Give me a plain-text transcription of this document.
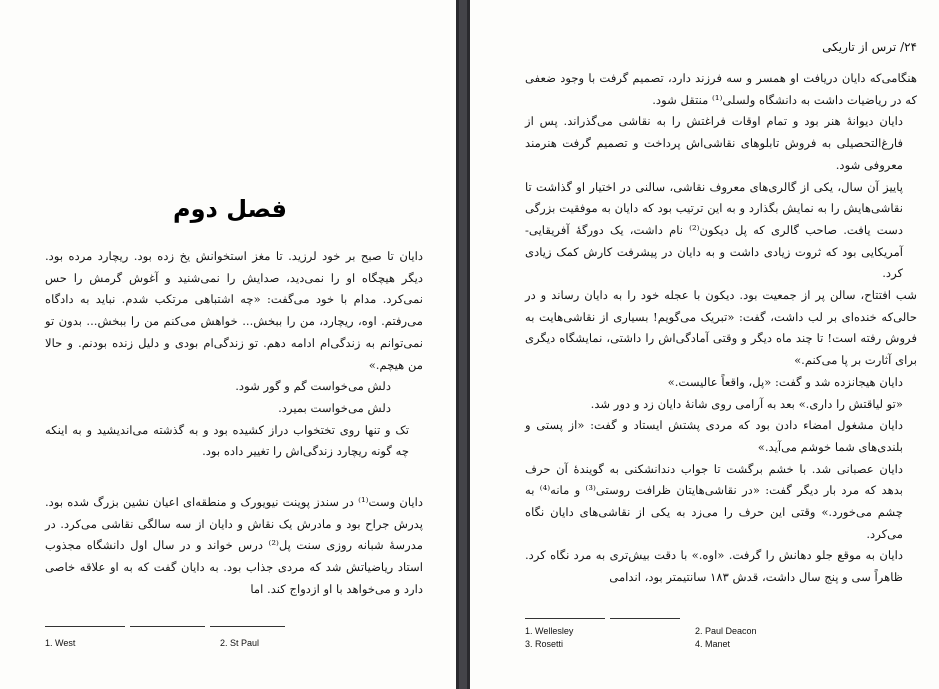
فصل دوم

دایان تا صبح بر خود لرزید. تا مغز استخوانش یخ زده بود. ریچارد مرده بود. دیگر هیچگاه او را نمی‌دید، صدایش را نمی‌شنید و آغوش گرمش را حس نمی‌کرد. مدام با خود می‌گفت: «چه اشتباهی مرتکب شدم. نباید به دادگاه می‌رفتم. اوه، ریچارد، من را ببخش... خواهش می‌کنم من را ببخش... بدون تو نمی‌توانم به زندگی‌ام ادامه دهم. تو زندگی‌ام بودی و دلیل زنده بودنم. و حالا من هیچم.»

دلش می‌خواست گم و گور شود.

دلش می‌خواست بمیرد.

تک و تنها روی تختخواب دراز کشیده بود و به گذشته می‌اندیشید و به اینکه چه گونه ریچارد زندگی‌اش را تغییر داده بود.

دایان وست⁽¹⁾ در سندز پوینت نیویورک و منطقه‌ای اعیان نشین بزرگ شده بود. پدرش جراح بود و مادرش یک نقاش و دایان از سه سالگی نقاشی می‌کرد. در مدرسهٔ شبانه روزی سنت پل⁽²⁾ درس خواند و در سال اول دانشگاه مجذوب استاد ریاضیاتش شد که مردی جذاب بود. به دایان گفت که به او علاقه خاصی دارد و می‌خواهد با او ازدواج کند. اما

1. West	2. St Paul
۲۴/ ترس از تاریکی

هنگامی‌که دایان دریافت او همسر و سه فرزند دارد، تصمیم گرفت با وجود ضعفی که در ریاضیات داشت به دانشگاه ولسلی⁽¹⁾ منتقل شود.

دایان دیوانهٔ هنر بود و تمام اوقات فراغتش را به نقاشی می‌گذراند. پس از فارغ‌التحصیلی به فروش تابلوهای نقاشی‌اش پرداخت و تصمیم گرفت هنرمند معروفی شود.

پاییز آن سال، یکی از گالری‌های معروف نقاشی، سالنی در اختیار او گذاشت تا نقاشی‌هایش را به نمایش بگذارد و به این ترتیب بود که دایان به موفقیت بزرگی دست یافت. صاحب گالری که پل دیکون⁽²⁾ نام داشت، یک دورگهٔ آفریقایی-آمریکایی بود که ثروت زیادی داشت و به دایان در پیشرفت کارش کمک زیادی کرد.

شب افتتاح، سالن پر از جمعیت بود. دیکون با عجله خود را به دایان رساند و در حالی‌که خنده‌ای بر لب داشت، گفت: «تبریک می‌گویم! بسیاری از نقاشی‌هایت به فروش رفته است! تا چند ماه دیگر و وقتی آمادگی‌اش را داشتی، نمایشگاه دیگری برای آثارت بر پا می‌کنم.»

دایان هیجانزده شد و گفت: «پل، واقعاً عالیست.»

«تو لیاقتش را داری.» بعد به آرامی روی شانهٔ دایان زد و دور شد.

دایان مشغول امضاء دادن بود که مردی پشتش ایستاد و گفت: «از پستی و بلندی‌های شما خوشم می‌آید.»

دایان عصبانی شد. با خشم برگشت تا جواب دندانشکنی به گویندهٔ آن حرف بدهد که مرد بار دیگر گفت: «در نقاشی‌هایتان ظرافت روستی⁽³⁾ و مانه⁽⁴⁾ به چشم می‌خورد.» وقتی این حرف را می‌زد به یکی از نقاشی‌های دایان نگاه می‌کرد.

دایان به موقع جلو دهانش را گرفت. «اوه.» با دقت بیش‌تری به مرد نگاه کرد. ظاهراً سی و پنج سال داشت، قدش ۱۸۳ سانتیمتر بود، اندامی

1. Wellesley	2. Paul Deacon
3. Rosetti	4. Manet
